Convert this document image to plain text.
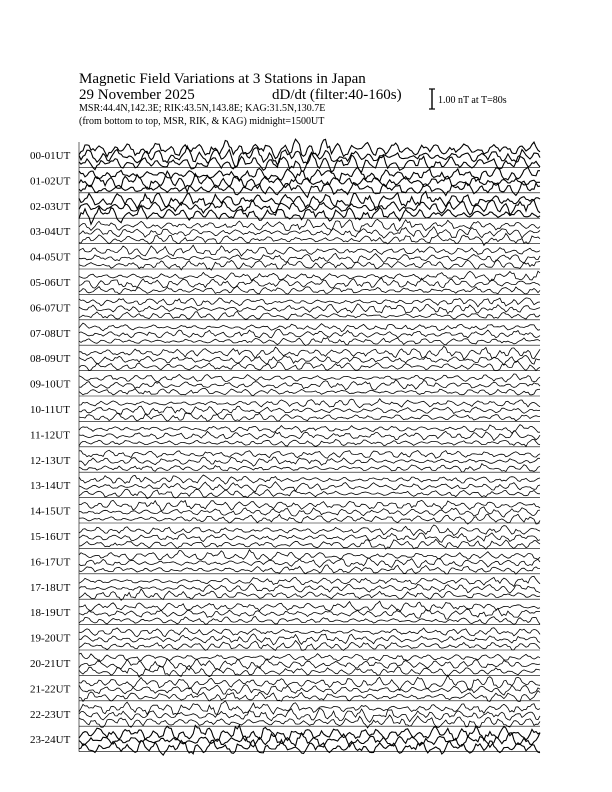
Magnetic Field Variations at 3 Stations in Japan
29 November 2025	dD/dt (filter:40-160s)
MSR:44.4N,142.3E; RIK:43.5N,143.8E; KAG:31.5N,130.7E
(from bottom to top, MSR, RIK, & KAG) midnight=1500UT
1.00 nT at T=80s
00-01UT
01-02UT
02-03UT
03-04UT
04-05UT
05-06UT
06-07UT
07-08UT
08-09UT
09-10UT
10-11UT
11-12UT
12-13UT
13-14UT
14-15UT
15-16UT
16-17UT
17-18UT
18-19UT
19-20UT
20-21UT
21-22UT
22-23UT
23-24UT
